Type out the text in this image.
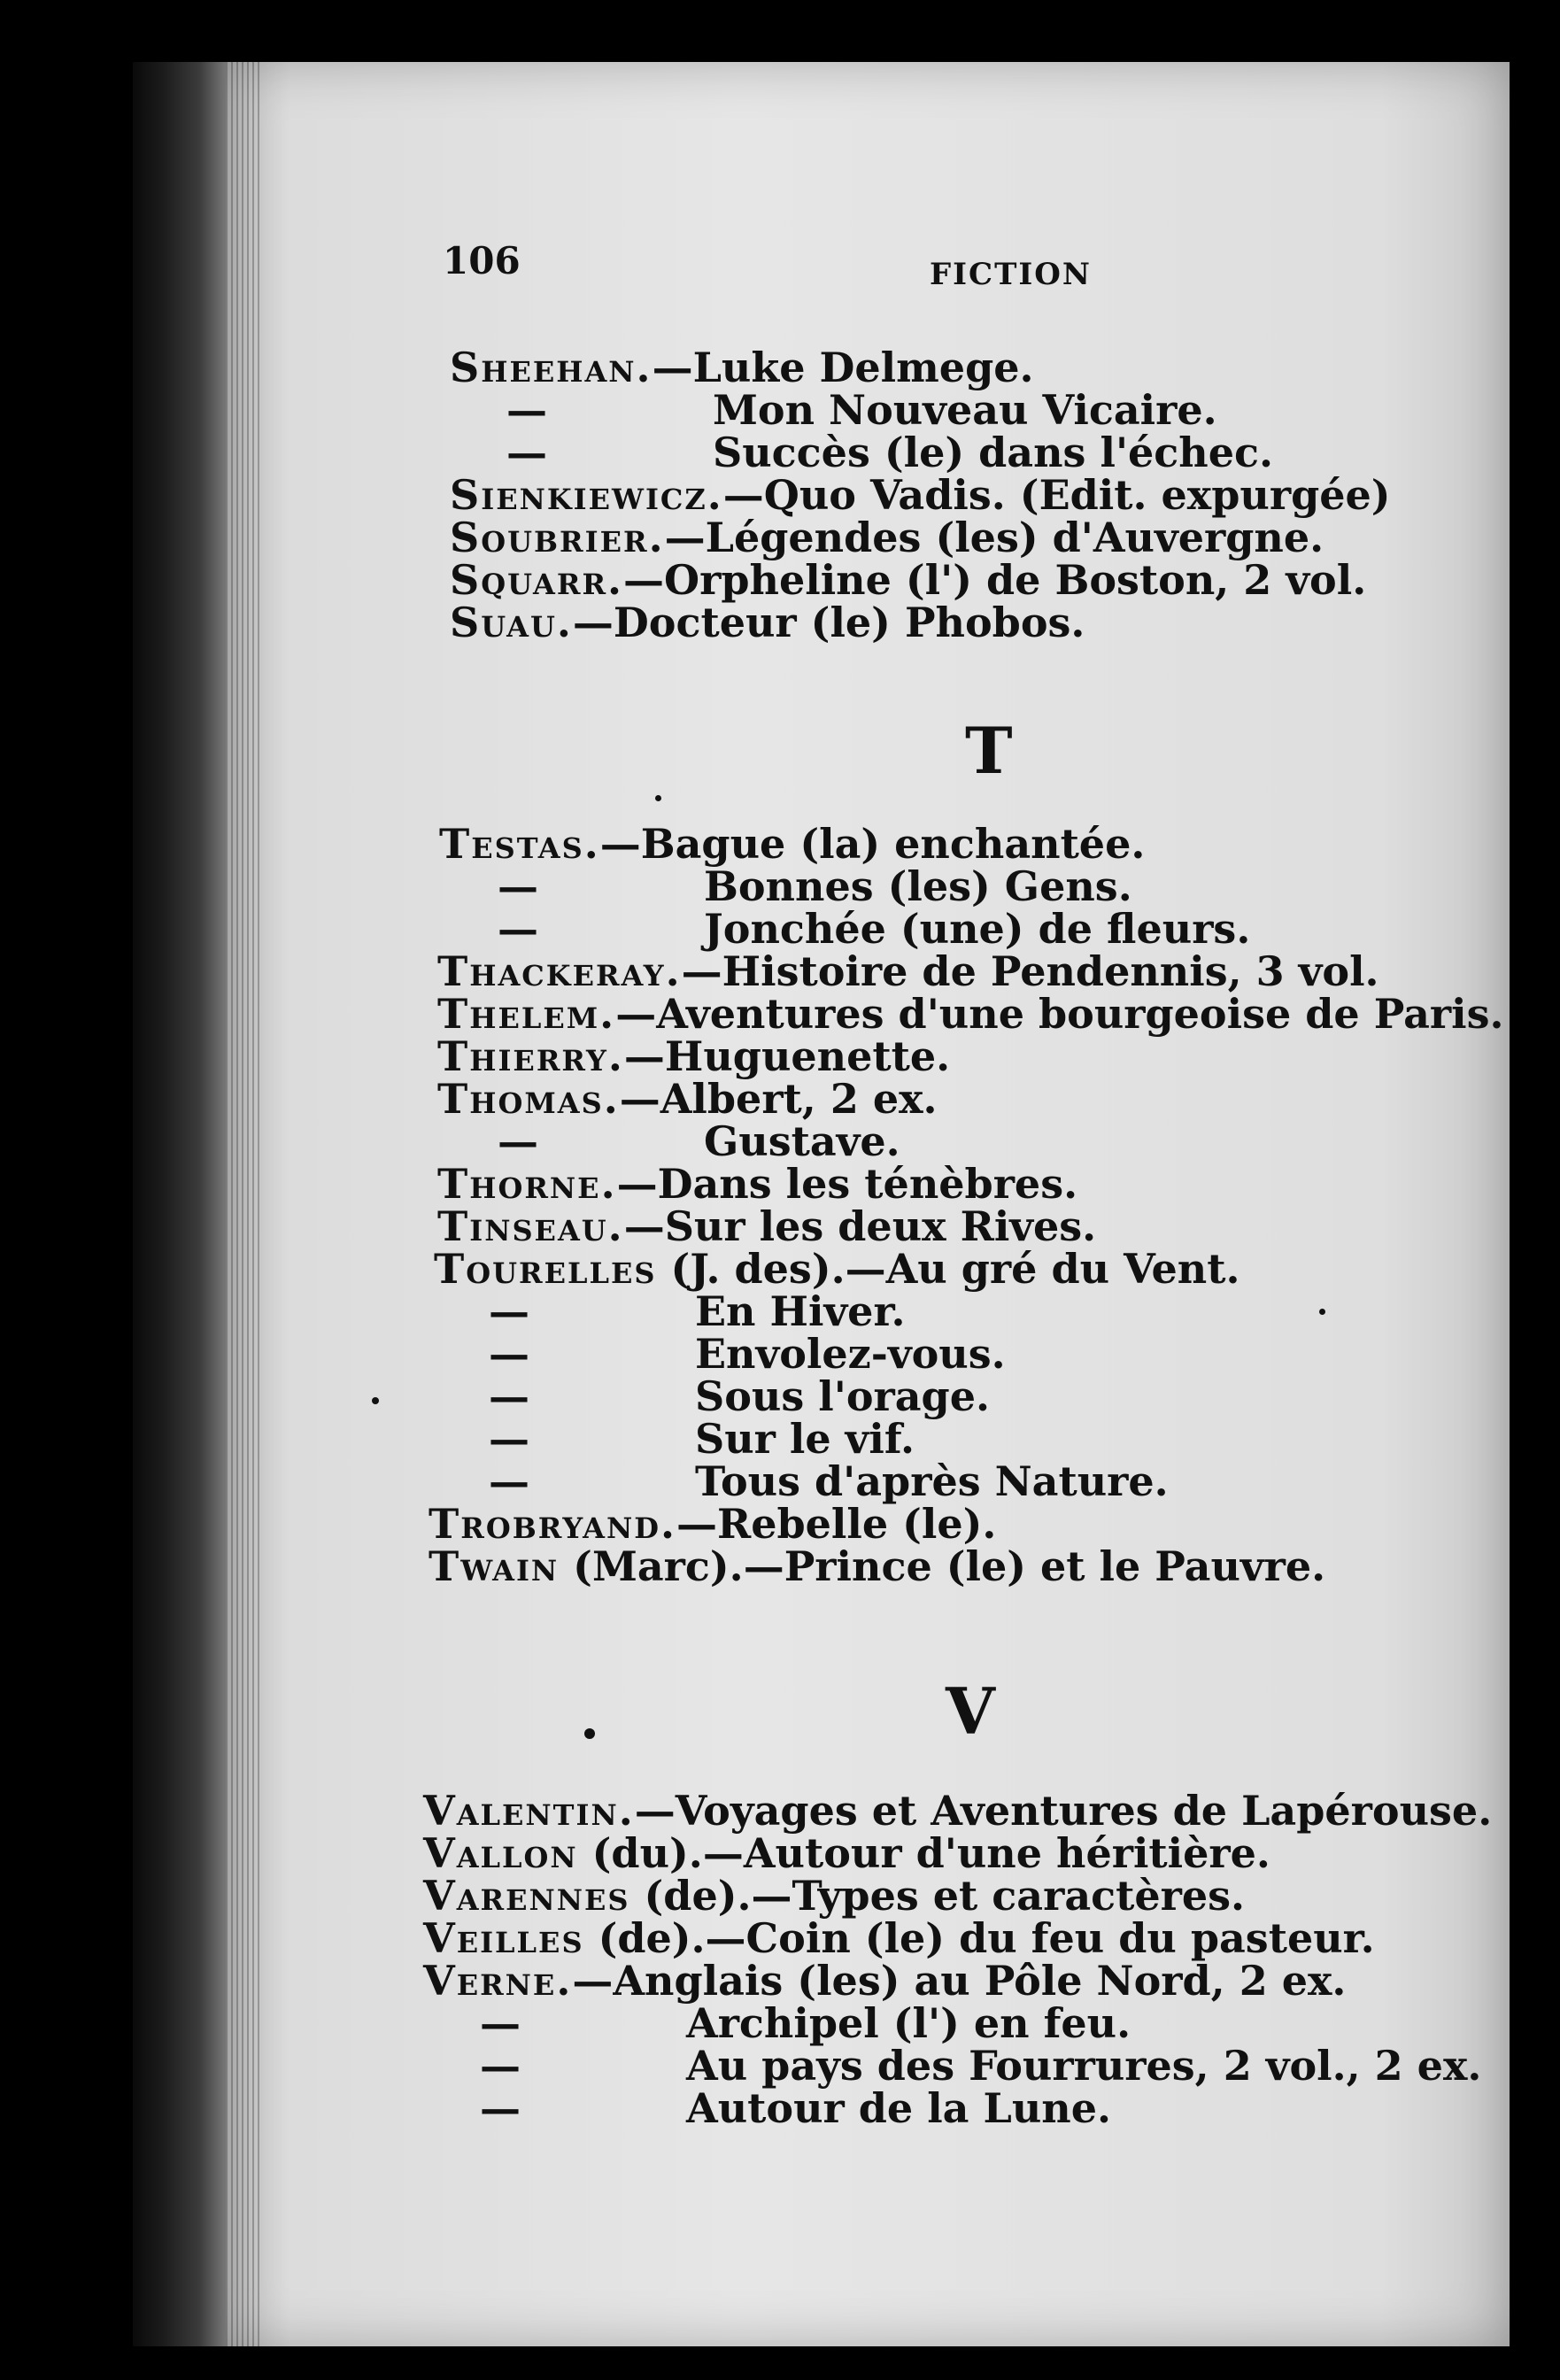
106	FICTION
Sheehan.—Luke Delmege.
—	Mon Nouveau Vicaire.
—	Succès (le) dans l'échec.
Sienkiewicz.—Quo Vadis. (Edit. expurgée)
Soubrier.—Légendes (les) d'Auvergne.
Squarr.—Orpheline (l') de Boston, 2 vol.
Suau.—Docteur (le) Phobos.
T
Testas.—Bague (la) enchantée.
—	Bonnes (les) Gens.
—	Jonchée (une) de fleurs.
Thackeray.—Histoire de Pendennis, 3 vol.
Thelem.—Aventures d'une bourgeoise de Paris.
Thierry.—Huguenette.
Thomas.—Albert, 2 ex.
—	Gustave.
Thorne.—Dans les ténèbres.
Tinseau.—Sur les deux Rives.
Tourelles (J. des).—Au gré du Vent.
—	En Hiver.
—	Envolez-vous.
—	Sous l'orage.
—	Sur le vif.
—	Tous d'après Nature.
Trobryand.—Rebelle (le).
Twain (Marc).—Prince (le) et le Pauvre.
V
Valentin.—Voyages et Aventures de Lapérouse.
Vallon (du).—Autour d'une héritière.
Varennes (de).—Types et caractères.
Veilles (de).—Coin (le) du feu du pasteur.
Verne.—Anglais (les) au Pôle Nord, 2 ex.
—	Archipel (l') en feu.
—	Au pays des Fourrures, 2 vol., 2 ex.
—	Autour de la Lune.
